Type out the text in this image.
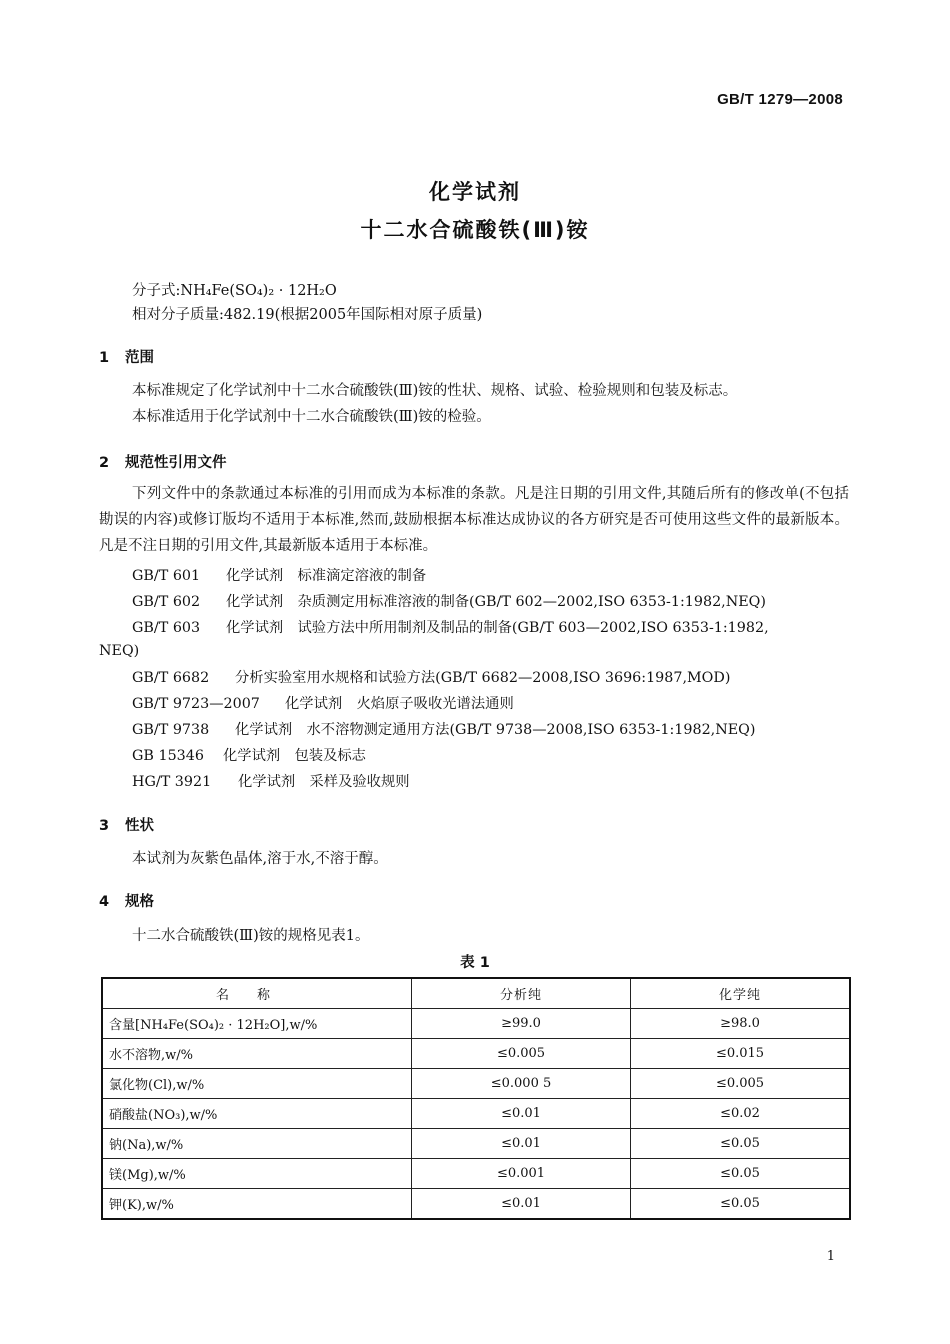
GB/T 1279—2008
化学试剂
十二水合硫酸铁(Ⅲ)铵
分子式:NH₄Fe(SO₄)₂ · 12H₂O
相对分子质量:482.19(根据2005年国际相对原子质量)
1 范围
本标准规定了化学试剂中十二水合硫酸铁(Ⅲ)铵的性状、规格、试验、检验规则和包装及标志。
本标准适用于化学试剂中十二水合硫酸铁(Ⅲ)铵的检验。
2 规范性引用文件

下列文件中的条款通过本标准的引用而成为本标准的条款。凡是注日期的引用文件,其随后所有的修改单(不包括勘误的内容)或修订版均不适用于本标准,然而,鼓励根据本标准达成协议的各方研究是否可使用这些文件的最新版本。凡是不注日期的引用文件,其最新版本适用于本标准。

GB/T 601 化学试剂　标准滴定溶液的制备
GB/T 602 化学试剂　杂质测定用标准溶液的制备(GB/T 602—2002,ISO 6353-1:1982,NEQ)
GB/T 603 化学试剂　试验方法中所用制剂及制品的制备(GB/T 603—2002,ISO 6353-1:1982,
NEQ)
GB/T 6682 分析实验室用水规格和试验方法(GB/T 6682—2008,ISO 3696:1987,MOD)
GB/T 9723—2007 化学试剂　火焰原子吸收光谱法通则
GB/T 9738 化学试剂　水不溶物测定通用方法(GB/T 9738—2008,ISO 6353-1:1982,NEQ)
GB 15346 化学试剂　包装及标志
HG/T 3921 化学试剂　采样及验收规则
3 性状
本试剂为灰紫色晶体,溶于水,不溶于醇。
4 规格
十二水合硫酸铁(Ⅲ)铵的规格见表1。
表 1
名称	分析纯	化学纯
含量[NH₄Fe(SO₄)₂ · 12H₂O],w/%	≥99.0	≥98.0
水不溶物,w/%	≤0.005	≤0.015
氯化物(Cl),w/%	≤0.000 5	≤0.005
硝酸盐(NO₃),w/%	≤0.01	≤0.02
钠(Na),w/%	≤0.01	≤0.05
镁(Mg),w/%	≤0.001	≤0.05
钾(K),w/%	≤0.01	≤0.05
1
